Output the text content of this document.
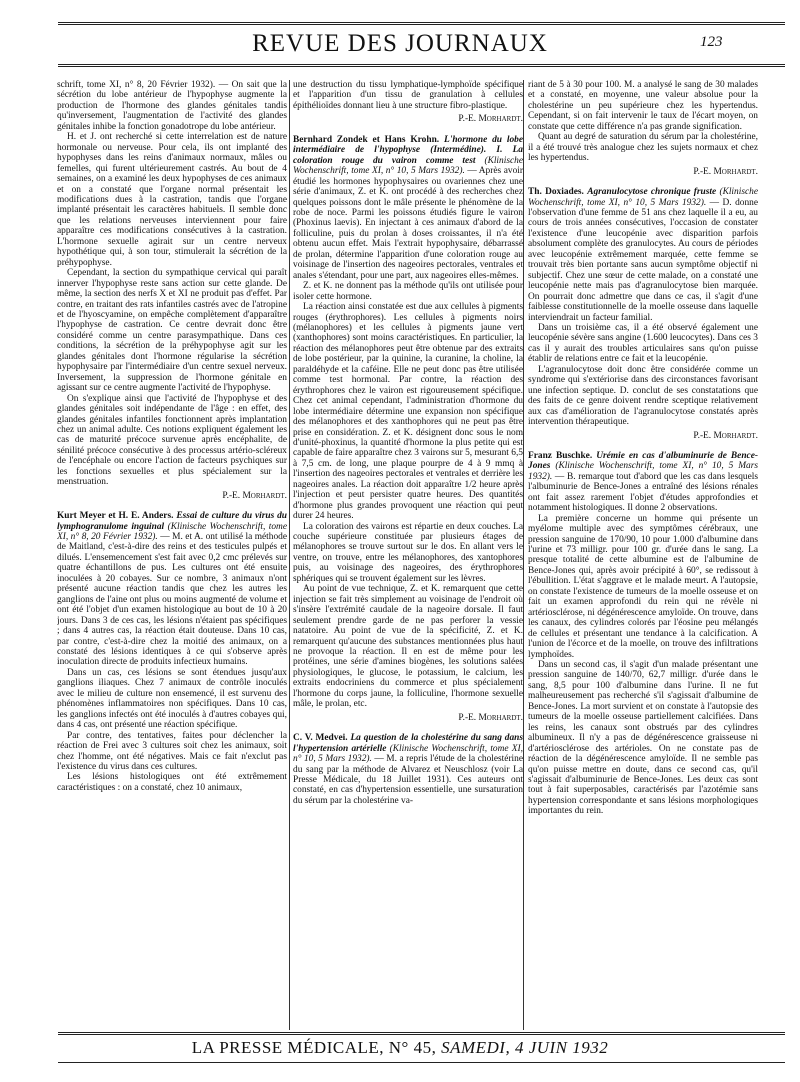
REVUE DES JOURNAUX	123

schrift, tome XI, n° 8, 20 Février 1932). — On sait que la sécrétion du lobe antérieur de l'hypophyse augmente la production de l'hormone des glandes génitales tandis qu'inversement, l'augmentation de l'activité des glandes génitales inhibe la fonction gonadotrope du lobe antérieur.

H. et J. ont recherché si cette interrelation est de nature hormonale ou nerveuse. Pour cela, ils ont implanté des hypophyses dans les reins d'animaux normaux, mâles ou femelles, qui furent ultérieurement castrés. Au bout de 4 semaines, on a examiné les deux hypophyses de ces animaux et on a constaté que l'organe normal présentait les modifications dues à la castration, tandis que l'organe implanté présentait les caractères habituels. Il semble donc que les relations nerveuses interviennent pour faire apparaître ces modifications consécutives à la castration. L'hormone sexuelle agirait sur un centre nerveux hypothétique qui, à son tour, stimulerait la sécrétion de la préhypophyse.

Cependant, la section du sympathique cervical qui paraît innerver l'hypophyse reste sans action sur cette glande. De même, la section des nerfs X et XI ne produit pas d'effet. Par contre, en traitant des rats infantiles castrés avec de l'atropine et de l'hyoscyamine, on empêche complètement d'apparaître l'hypophyse de castration. Ce centre devrait donc être considéré comme un centre parasympathique. Dans ces conditions, la sécrétion de la préhypophyse agit sur les glandes génitales dont l'hormone régularise la sécrétion hypophysaire par l'intermédiaire d'un centre sexuel nerveux. Inversement, la suppression de l'hormone génitale en agissant sur ce centre augmente l'activité de l'hypophyse.

On s'explique ainsi que l'activité de l'hypophyse et des glandes génitales soit indépendante de l'âge : en effet, des glandes génitales infantiles fonctionnent après implantation chez un animal adulte. Ces notions expliquent également les cas de maturité précoce survenue après encéphalite, de sénilité précoce consécutive à des processus artério-scléreux de l'encéphale ou encore l'action de facteurs psychiques sur les fonctions sexuelles et plus spécialement sur la menstruation.

P.-E. Morhardt.

Kurt Meyer et H. E. Anders. Essai de culture du virus du lymphogranulome inguinal (Klinische Wochenschrift, tome XI, n° 8, 20 Février 1932). — M. et A. ont utilisé la méthode de Maitland, c'est-à-dire des reins et des testicules pulpés et dilués. L'ensemencement s'est fait avec 0,2 cmc prélevés sur quatre échantillons de pus. Les cultures ont été ensuite inoculées à 20 cobayes. Sur ce nombre, 3 animaux n'ont présenté aucune réaction tandis que chez les autres les ganglions de l'aine ont plus ou moins augmenté de volume et ont été l'objet d'un examen histologique au bout de 10 à 20 jours. Dans 3 de ces cas, les lésions n'étaient pas spécifiques ; dans 4 autres cas, la réaction était douteuse. Dans 10 cas, par contre, c'est-à-dire chez la moitié des animaux, on a constaté des lésions identiques à ce qui s'observe après inoculation directe de produits infectieux humains.

Dans un cas, ces lésions se sont étendues jusqu'aux ganglions iliaques. Chez 7 animaux de contrôle inoculés avec le milieu de culture non ensemencé, il est survenu des phénomènes inflammatoires non spécifiques. Dans 10 cas, les ganglions infectés ont été inoculés à d'autres cobayes qui, dans 4 cas, ont présenté une réaction spécifique.

Par contre, des tentatives, faites pour déclencher la réaction de Frei avec 3 cultures soit chez les animaux, soit chez l'homme, ont été négatives. Mais ce fait n'exclut pas l'existence du virus dans ces cultures.

Les lésions histologiques ont été extrêmement caractéristiques : on a constaté, chez 10 animaux,

une destruction du tissu lymphatique-lymphoïde spécifique et l'apparition d'un tissu de granulation à cellules épithélioïdes donnant lieu à une structure fibro-plastique.

P.-E. Morhardt.

Bernhard Zondek et Hans Krohn. L'hormone du lobe intermédiaire de l'hypophyse (Intermédine). I. La coloration rouge du vairon comme test (Klinische Wochenschrift, tome XI, n° 10, 5 Mars 1932). — Après avoir étudié les hormones hypophysaires ou ovariennes chez une série d'animaux, Z. et K. ont procédé à des recherches chez quelques poissons dont le mâle présente le phénomène de la robe de noce. Parmi les poissons étudiés figure le vairon (Phoxinus laevis). En injectant à ces animaux d'abord de la folliculine, puis du prolan à doses croissantes, il n'a été obtenu aucun effet. Mais l'extrait hypophysaire, débarrassé de prolan, détermine l'apparition d'une coloration rouge au voisinage de l'insertion des nageoires pectorales, ventrales et anales s'étendant, pour une part, aux nageoires elles-mêmes.

Z. et K. ne donnent pas la méthode qu'ils ont utilisée pour isoler cette hormone.

La réaction ainsi constatée est due aux cellules à pigments rouges (érythrophores). Les cellules à pigments noirs (mélanophores) et les cellules à pigments jaune vert (xanthophores) sont moins caractéristiques. En particulier, la réaction des mélanophores peut être obtenue par des extraits de lobe postérieur, par la quinine, la curanine, la choline, la paraldéhyde et la caféine. Elle ne peut donc pas être utilisée comme test hormonal. Par contre, la réaction des érythrophores chez le vairon est rigoureusement spécifique. Chez cet animal cependant, l'administration d'hormone du lobe intermédiaire détermine une expansion non spécifique des mélanophores et des xanthophores qui ne peut pas être prise en considération. Z. et K. désignent donc sous le nom d'unité-phoxinus, la quantité d'hormone la plus petite qui est capable de faire apparaître chez 3 vairons sur 5, mesurant 6,5 à 7,5 cm. de long, une plaque pourpre de 4 à 9 mmq à l'insertion des nageoires pectorales et ventrales et derrière les nageoires anales. La réaction doit apparaître 1/2 heure après l'injection et peut persister quatre heures. Des quantités d'hormone plus grandes provoquent une réaction qui peut durer 24 heures.

La coloration des vairons est répartie en deux couches. La couche supérieure constituée par plusieurs étages de mélanophores se trouve surtout sur le dos. En allant vers le ventre, on trouve, entre les mélanophores, des xantophores puis, au voisinage des nageoires, des érythrophores sphériques qui se trouvent également sur les lèvres.

Au point de vue technique, Z. et K. remarquent que cette injection se fait très simplement au voisinage de l'endroit où s'insère l'extrémité caudale de la nageoire dorsale. Il faut seulement prendre garde de ne pas perforer la vessie natatoire. Au point de vue de la spécificité, Z. et K. remarquent qu'aucune des substances mentionnées plus haut ne provoque la réaction. Il en est de même pour les protéines, une série d'amines biogènes, les solutions salées physiologiques, le glucose, le potassium, le calcium, les extraits endocriniens du commerce et plus spécialement l'hormone du corps jaune, la folliculine, l'hormone sexuelle mâle, le prolan, etc.

P.-E. Morhardt.

C. V. Medvei. La question de la cholestérine du sang dans l'hypertension artérielle (Klinische Wochenschrift, tome XI, n° 10, 5 Mars 1932). — M. a repris l'étude de la cholestérine du sang par la méthode de Alvarez et Neuschlosz (voir La Presse Médicale, du 18 Juillet 1931). Ces auteurs ont constaté, en cas d'hypertension essentielle, une sursaturation du sérum par la cholestérine va-

riant de 5 à 30 pour 100. M. a analysé le sang de 30 malades et a constaté, en moyenne, une valeur absolue pour la cholestérine un peu supérieure chez les hypertendus. Cependant, si on fait intervenir le taux de l'écart moyen, on constate que cette différence n'a pas grande signification.

Quant au degré de saturation du sérum par la cholestérine, il a été trouvé très analogue chez les sujets normaux et chez les hypertendus.

P.-E. Morhardt.

Th. Doxiades. Agranulocytose chronique fruste (Klinische Wochenschrift, tome XI, n° 10, 5 Mars 1932). — D. donne l'observation d'une femme de 51 ans chez laquelle il a eu, au cours de trois années consécutives, l'occasion de constater l'existence d'une leucopénie avec disparition parfois absolument complète des granulocytes. Au cours de périodes avec leucopénie extrêmement marquée, cette femme se trouvait très bien portante sans aucun symptôme objectif ni subjectif. Chez une sœur de cette malade, on a constaté une leucopénie nette mais pas d'agranulocytose bien marquée. On pourrait donc admettre que dans ce cas, il s'agit d'une faiblesse constitutionnelle de la moelle osseuse dans laquelle interviendrait un facteur familial.

Dans un troisième cas, il a été observé également une leucopénie sévère sans angine (1.600 leucocytes). Dans ces 3 cas il y aurait des troubles articulaires sans qu'on puisse établir de relations entre ce fait et la leucopénie.

L'agranulocytose doit donc être considérée comme un syndrome qui s'extériorise dans des circonstances favorisant une infection septique. D. conclut de ses constatations que des faits de ce genre doivent rendre sceptique relativement aux cas d'amélioration de l'agranulocytose constatés après intervention thérapeutique.

P.-E. Morhardt.

Franz Buschke. Urémie en cas d'albuminurie de Bence-Jones (Klinische Wochenschrift, tome XI, n° 10, 5 Mars 1932). — B. remarque tout d'abord que les cas dans lesquels l'albuminurie de Bence-Jones a entraîné des lésions rénales ont fait assez rarement l'objet d'études approfondies et notamment histologiques. Il donne 2 observations.

La première concerne un homme qui présente un myélome multiple avec des symptômes cérébraux, une pression sanguine de 170/90, 10 pour 1.000 d'albumine dans l'urine et 73 milligr. pour 100 gr. d'urée dans le sang. La presque totalité de cette albumine est de l'albumine de Bence-Jones qui, après avoir précipité à 60°, se redissout à l'ébullition. L'état s'aggrave et le malade meurt. A l'autopsie, on constate l'existence de tumeurs de la moelle osseuse et on fait un examen approfondi du rein qui ne révèle ni artériosclérose, ni dégénérescence amyloïde. On trouve, dans les canaux, des cylindres colorés par l'éosine peu mélangés de cellules et présentant une tendance à la calcification. A l'union de l'écorce et de la moelle, on trouve des infiltrations lymphoïdes.

Dans un second cas, il s'agit d'un malade présentant une pression sanguine de 140/70, 62,7 milligr. d'urée dans le sang, 8,5 pour 100 d'albumine dans l'urine. Il ne fut malheureusement pas recherché s'il s'agissait d'albumine de Bence-Jones. La mort survient et on constate à l'autopsie des tumeurs de la moelle osseuse partiellement calcifiées. Dans les reins, les canaux sont obstrués par des cylindres albumineux. Il n'y a pas de dégénérescence graisseuse ni d'artériosclérose des artérioles. On ne constate pas de réaction de la dégénérescence amyloïde. Il ne semble pas qu'on puisse mettre en doute, dans ce second cas, qu'il s'agissait d'albuminurie de Bence-Jones. Les deux cas sont tout à fait superposables, caractérisés par l'azotémie sans hypertension correspondante et sans lésions morphologiques importantes du rein.

LA PRESSE MÉDICALE, N° 45, SAMEDI, 4 JUIN 1932
